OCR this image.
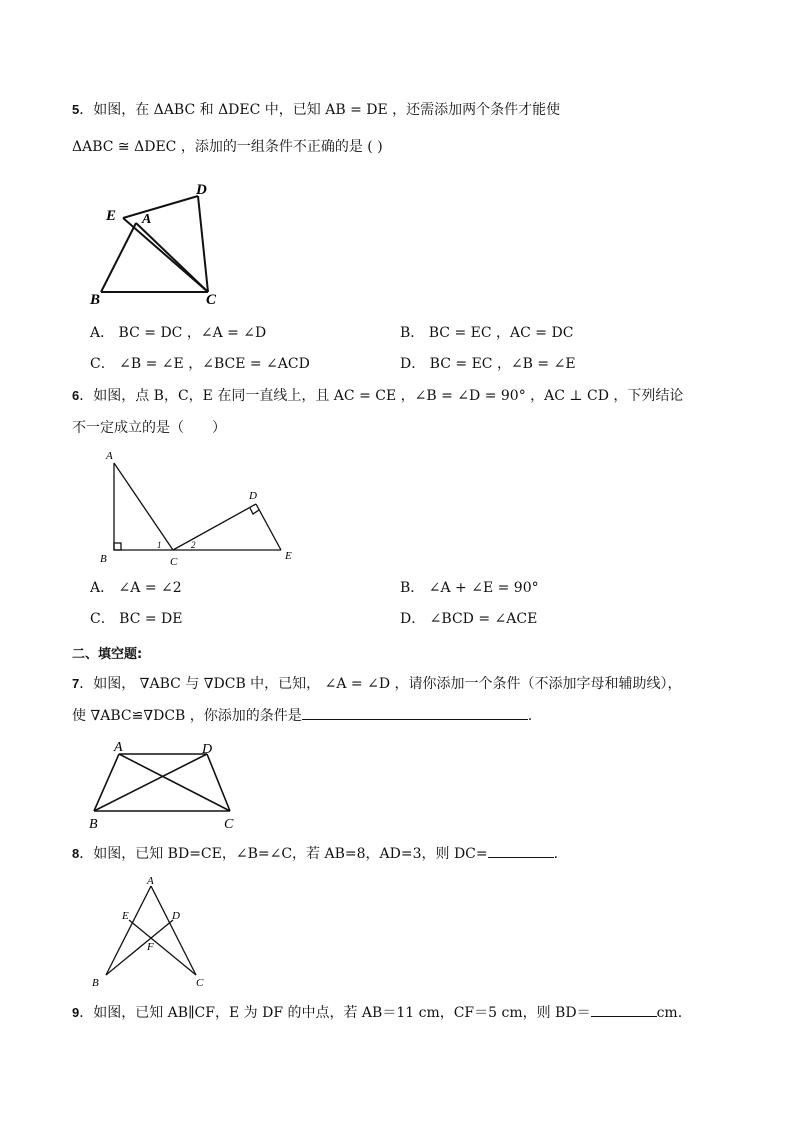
5．如图，在 ΔABC 和 ΔDEC 中，已知 AB = DE ，还需添加两个条件才能使
ΔABC ≅ ΔDEC ，添加的一组条件不正确的是 ( )
D
E A
B	C
A． BC = DC ，∠A = ∠D	B． BC = EC ，AC = DC
C． ∠B = ∠E ，∠BCE = ∠ACD	D． BC = EC ，∠B = ∠E
6．如图，点 B，C，E 在同一直线上，且 AC = CE ，∠B = ∠D = 90° ，AC ⊥ CD ，下列结论
不一定成立的是（　　）
A
B	C
D
E
1	2
A． ∠A = ∠2	B． ∠A + ∠E = 90°
C． BC = DE	D． ∠BCD = ∠ACE
二、填空题:
7．如图， ∇ABC 与 ∇DCB 中，已知， ∠A = ∠D ，请你添加一个条件（不添加字母和辅助线），
使 ∇ABC≌∇DCB ，你添加的条件是	.
A	D
B	C
8．如图，已知 BD=CE，∠B=∠C，若 AB=8，AD=3，则 DC=	.
A
E	D
F
B	C
9．如图，已知 AB∥CF，E 为 DF 的中点，若 AB＝11 cm，CF＝5 cm，则 BD＝	cm.
